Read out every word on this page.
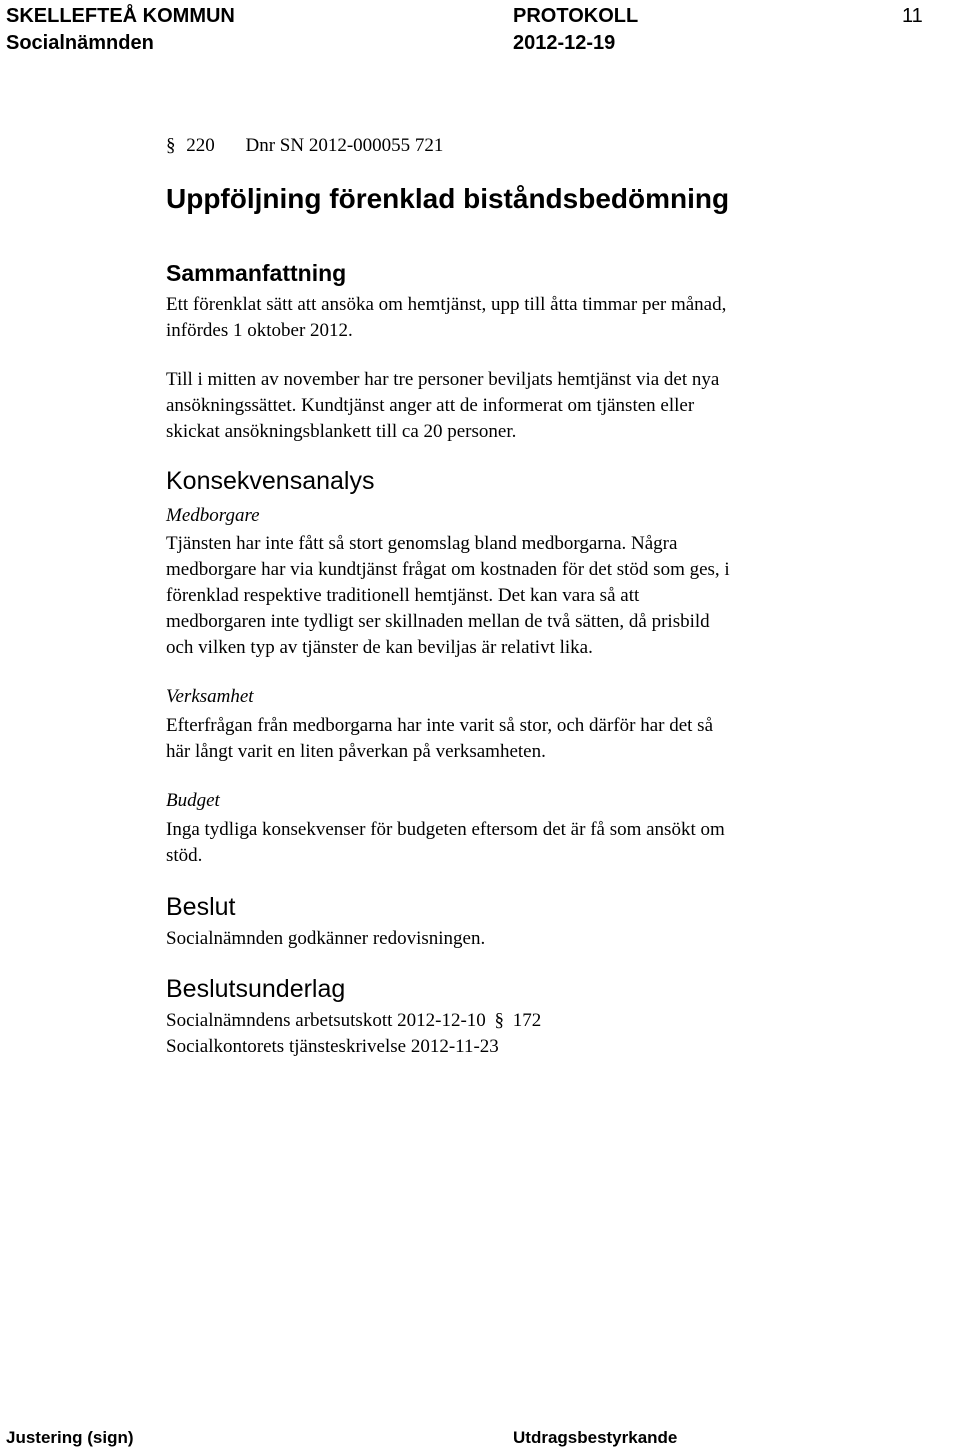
SKELLEFTEÅ KOMMUN	PROTOKOLL	11
Socialnämnden	2012-12-19
§ 220 Dnr SN 2012-000055 721
Uppföljning förenklad biståndsbedömning
Sammanfattning
Ett förenklat sätt att ansöka om hemtjänst, upp till åtta timmar per månad,
infördes 1 oktober 2012.
Till i mitten av november har tre personer beviljats hemtjänst via det nya
ansökningssättet. Kundtjänst anger att de informerat om tjänsten eller
skickat ansökningsblankett till ca 20 personer.
Konsekvensanalys
Medborgare
Tjänsten har inte fått så stort genomslag bland medborgarna. Några
medborgare har via kundtjänst frågat om kostnaden för det stöd som ges, i
förenklad respektive traditionell hemtjänst. Det kan vara så att
medborgaren inte tydligt ser skillnaden mellan de två sätten, då prisbild
och vilken typ av tjänster de kan beviljas är relativt lika.
Verksamhet
Efterfrågan från medborgarna har inte varit så stor, och därför har det så
här långt varit en liten påverkan på verksamheten.
Budget
Inga tydliga konsekvenser för budgeten eftersom det är få som ansökt om
stöd.
Beslut
Socialnämnden godkänner redovisningen.
Beslutsunderlag
Socialnämndens arbetsutskott 2012-12-10 § 172
Socialkontorets tjänsteskrivelse 2012-11-23
Justering (sign)	Utdragsbestyrkande
